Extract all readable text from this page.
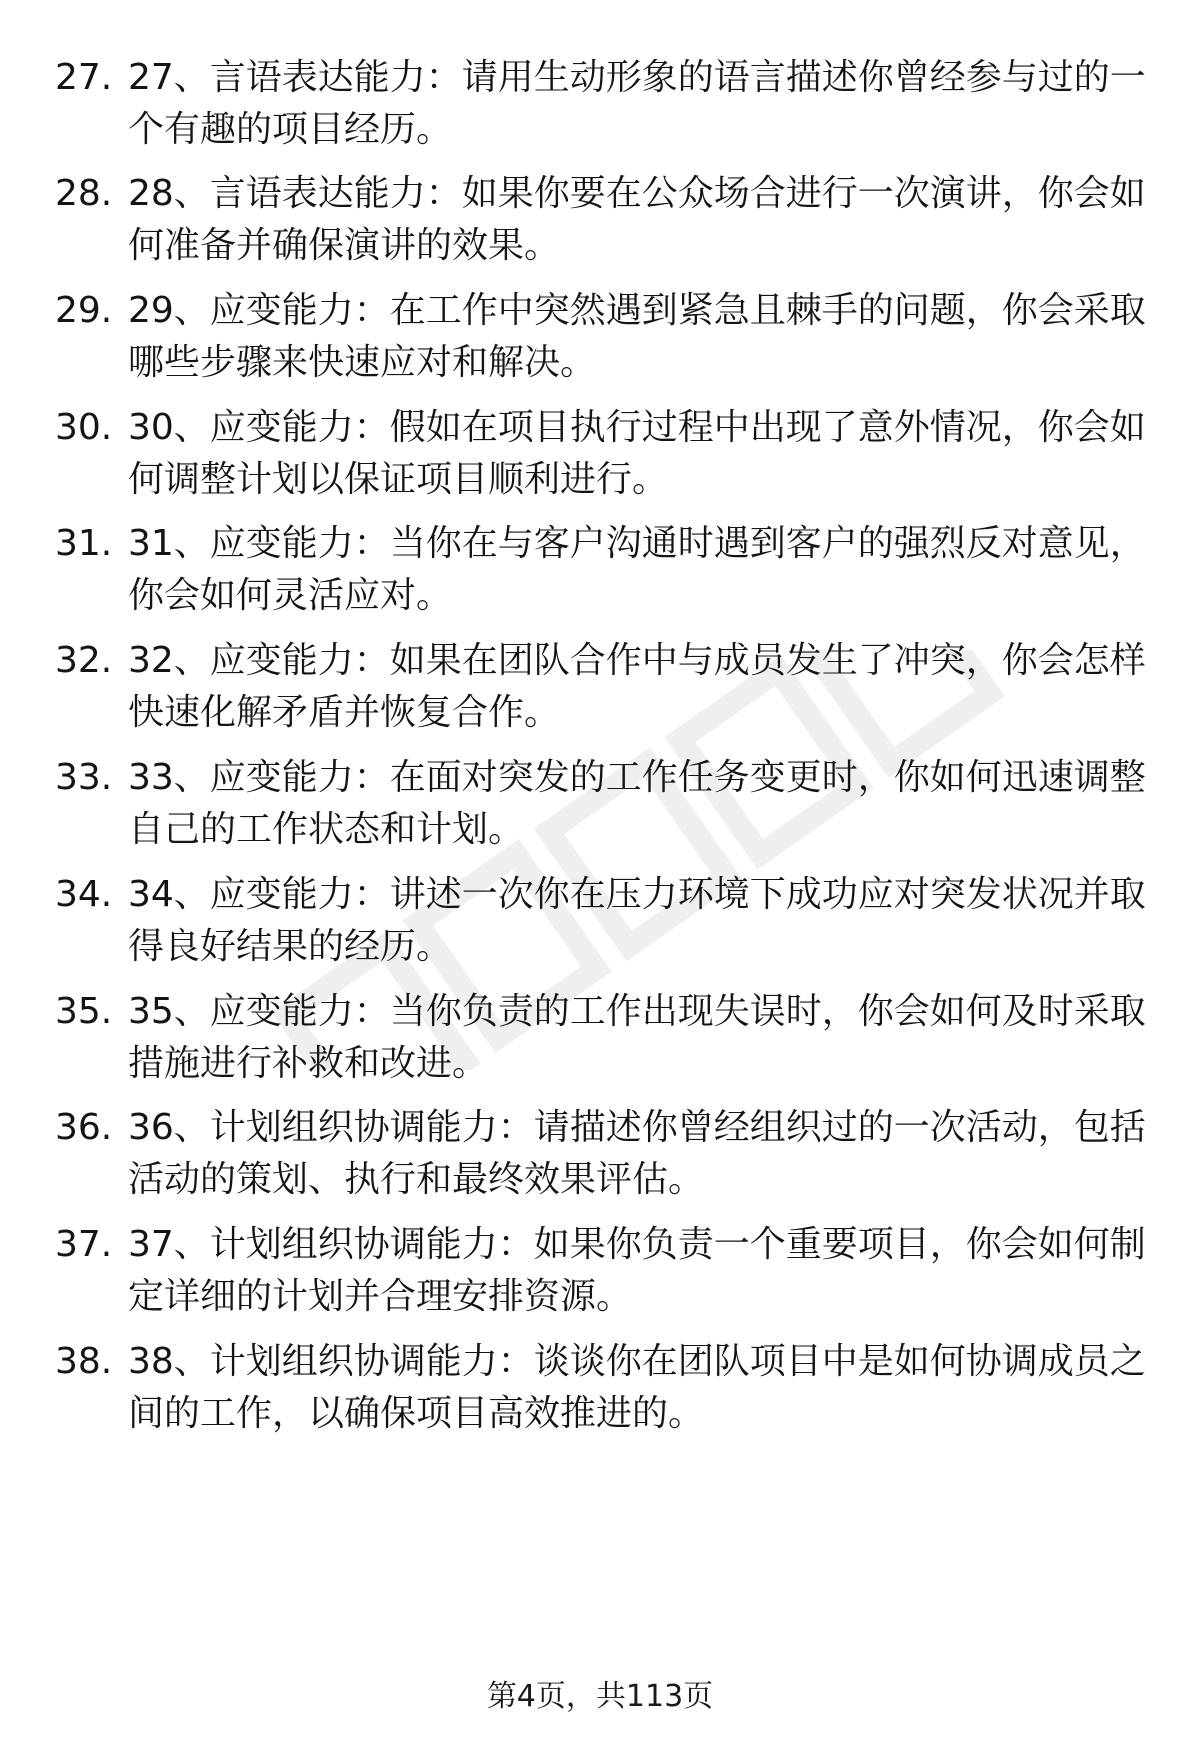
27. 27、言语表达能力：请用生动形象的语言描述你曾经参与过的一个有趣的项目经历。
28. 28、言语表达能力：如果你要在公众场合进行一次演讲，你会如何准备并确保演讲的效果。
29. 29、应变能力：在工作中突然遇到紧急且棘手的问题，你会采取哪些步骤来快速应对和解决。
30. 30、应变能力：假如在项目执行过程中出现了意外情况，你会如何调整计划以保证项目顺利进行。
31. 31、应变能力：当你在与客户沟通时遇到客户的强烈反对意见，你会如何灵活应对。
32. 32、应变能力：如果在团队合作中与成员发生了冲突，你会怎样快速化解矛盾并恢复合作。
33. 33、应变能力：在面对突发的工作任务变更时，你如何迅速调整自己的工作状态和计划。
34. 34、应变能力：讲述一次你在压力环境下成功应对突发状况并取得良好结果的经历。
35. 35、应变能力：当你负责的工作出现失误时，你会如何及时采取措施进行补救和改进。
36. 36、计划组织协调能力：请描述你曾经组织过的一次活动，包括活动的策划、执行和最终效果评估。
37. 37、计划组织协调能力：如果你负责一个重要项目，你会如何制定详细的计划并合理安排资源。
38. 38、计划组织协调能力：谈谈你在团队项目中是如何协调成员之间的工作，以确保项目高效推进的。
第4页，共113页
